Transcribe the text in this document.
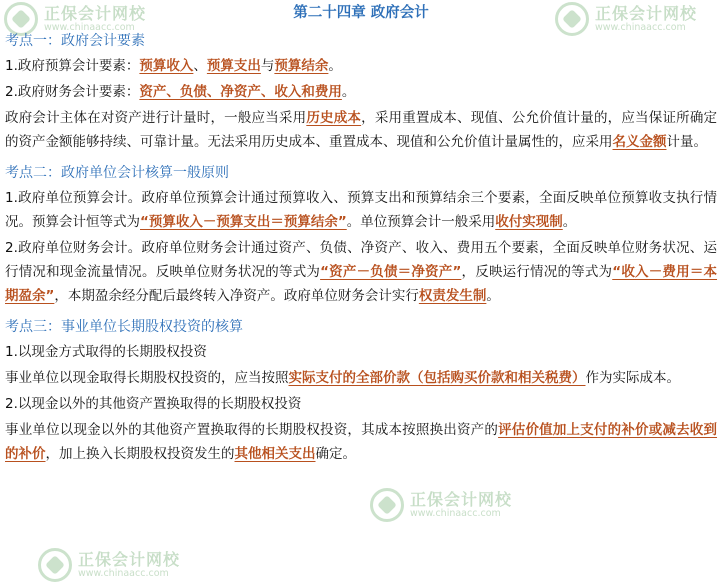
正保会计网校
www.chinaacc.com
正保会计网校
www.chinaacc.com
正保会计网校
www.chinaacc.com
正保会计网校
www.chinaacc.com
第二十四章 政府会计
考点一：政府会计要素

1.政府预算会计要素：预算收入、预算支出与预算结余。

2.政府财务会计要素：资产、负债、净资产、收入和费用。

政府会计主体在对资产进行计量时，一般应当采用历史成本，采用重置成本、现值、公允价值计量的，应当保证所确定的资产金额能够持续、可靠计量。无法采用历史成本、重置成本、现值和公允价值计量属性的，应采用名义金额计量。

考点二：政府单位会计核算一般原则

1.政府单位预算会计。政府单位预算会计通过预算收入、预算支出和预算结余三个要素，全面反映单位预算收支执行情况。预算会计恒等式为“预算收入－预算支出＝预算结余”。单位预算会计一般采用收付实现制。

2.政府单位财务会计。政府单位财务会计通过资产、负债、净资产、收入、费用五个要素，全面反映单位财务状况、运行情况和现金流量情况。反映单位财务状况的等式为“资产－负债＝净资产”，反映运行情况的等式为“收入－费用＝本期盈余”，本期盈余经分配后最终转入净资产。政府单位财务会计实行权责发生制。

考点三：事业单位长期股权投资的核算

1.以现金方式取得的长期股权投资

事业单位以现金取得长期股权投资的，应当按照实际支付的全部价款（包括购买价款和相关税费）作为实际成本。

2.以现金以外的其他资产置换取得的长期股权投资

事业单位以现金以外的其他资产置换取得的长期股权投资，其成本按照换出资产的评估价值加上支付的补价或减去收到的补价，加上换入长期股权投资发生的其他相关支出确定。
